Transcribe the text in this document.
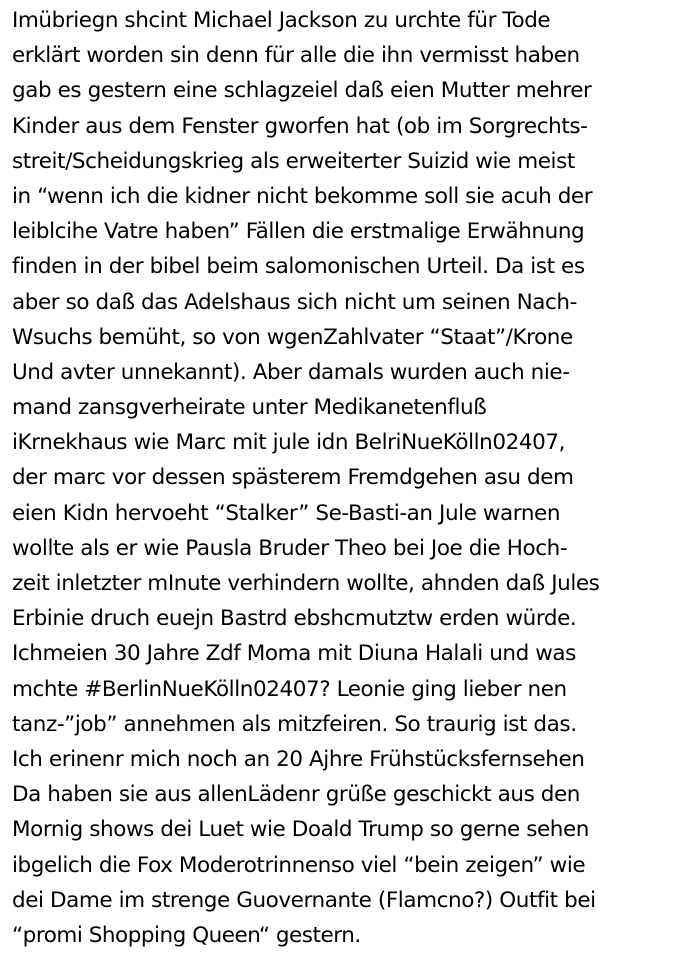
Imübriegn shcint Michael Jackson zu urchte für Tode
erklärt worden sin denn für alle die ihn vermisst haben
gab es gestern eine schlagzeiel daß eien Mutter mehrer
Kinder aus dem Fenster gworfen hat (ob im Sorgrechts-
streit/Scheidungskrieg als erweiterter Suizid wie meist
in “wenn ich die kidner nicht bekomme soll sie acuh der
leiblcihe Vatre haben” Fällen die erstmalige Erwähnung
finden in der bibel beim salomonischen Urteil. Da ist es
aber so daß das Adelshaus sich nicht um seinen Nach-
Wsuchs bemüht, so von wgenZahlvater “Staat”/Krone
Und avter unnekannt). Aber damals wurden auch nie-
mand zansgverheirate unter Medikanetenfluß
iKrnekhaus wie Marc mit jule idn BelriNueKölln02407,
der marc vor dessen spästerem Fremdgehen asu dem
eien Kidn hervoeht “Stalker” Se-Basti-an Jule warnen
wollte als er wie Pausla Bruder Theo bei Joe die Hoch-
zeit inletzter mInute verhindern wollte, ahnden daß Jules
Erbinie druch euejn Bastrd ebshcmutztw erden würde.
Ichmeien 30 Jahre Zdf Moma mit Diuna Halali und was
mchte #BerlinNueKölln02407? Leonie ging lieber nen
tanz-”job” annehmen als mitzfeiren. So traurig ist das.
Ich erinenr mich noch an 20 Ajhre Frühstücksfernsehen
Da haben sie aus allenLädenr grüße geschickt aus den
Mornig shows dei Luet wie Doald Trump so gerne sehen
ibgelich die Fox Moderotrinnenso viel “bein zeigen” wie
dei Dame im strenge Guovernante (Flamcno?) Outfit bei
“promi Shopping Queen“ gestern.
